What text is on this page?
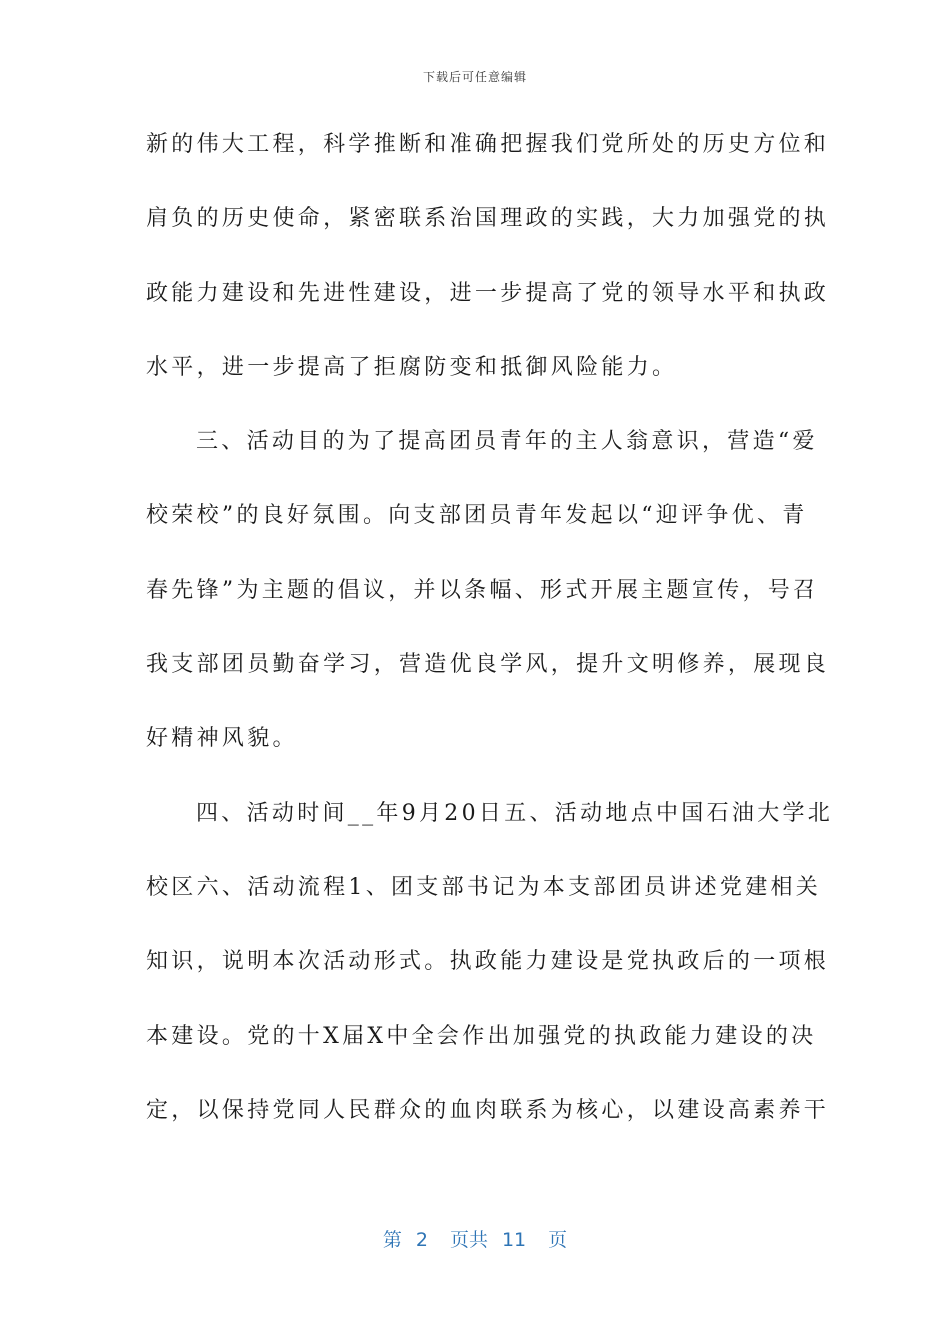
下载后可任意编辑
新的伟大工程，科学推断和准确把握我们党所处的历史方位和
肩负的历史使命，紧密联系治国理政的实践，大力加强党的执
政能力建设和先进性建设，进一步提高了党的领导水平和执政
水平，进一步提高了拒腐防变和抵御风险能力。
三、活动目的为了提高团员青年的主人翁意识，营造“爱
校荣校”的良好氛围。向支部团员青年发起以“迎评争优、青
春先锋”为主题的倡议，并以条幅、形式开展主题宣传，号召
我支部团员勤奋学习，营造优良学风，提升文明修养，展现良
好精神风貌。
四、活动时间__年9月20日五、活动地点中国石油大学北
校区六、活动流程1、团支部书记为本支部团员讲述党建相关
知识，说明本次活动形式。执政能力建设是党执政后的一项根
本建设。党的十X届X中全会作出加强党的执政能力建设的决
定，以保持党同人民群众的血肉联系为核心，以建设高素养干
第 2 页共 11 页
